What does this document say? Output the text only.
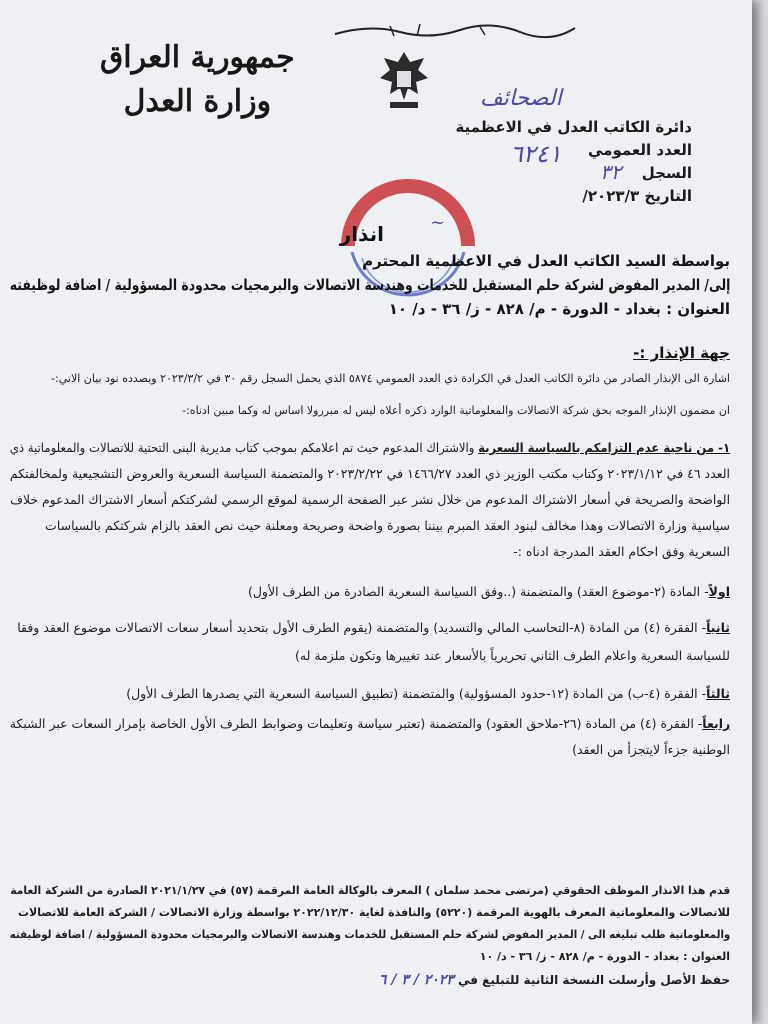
جمهورية العراق
وزارة العدل
دائرة الكاتب العدل في الاعظمية
العدد العمومي
السجل
التاريخ ٢٠٢٣/٣/
الصحائف
٦٢٤١
٣٢
انذار	~
بواسطة السيد الكاتب العدل في الاعظمية المحترم
إلى/ المدير المفوض لشركة حلم المستقبل للخدمات وهندسة الاتصالات والبرمجيات محدودة المسؤولية / اضافة لوظيفته
العنوان : بغداد - الدورة - م/ ٨٢٨ - ز/ ٣٦ - د/ ١٠
جهة الإنذار :-
اشارة الى الإنذار الصادر من دائرة الكاتب العدل في الكرادة ذي العدد العمومي ٥٨٧٤ الذي يحمل السجل رقم ٣٠ في ٢٠٢٣/٣/٢ وبصدده نود بيان الاتي:-
ان مضمون الإنذار الموجه بحق شركة الاتصالات والمعلوماتية الوارد ذكره أعلاه ليس له مبررولا اساس له وكما مبين ادناه:-
١- من ناحية عدم التزامكم بالسياسة السعرية والاشتراك المدعوم حيث تم اعلامكم بموجب كتاب مديرية البنى التحتية للاتصالات والمعلوماتية ذي
العدد ٤٦ في ٢٠٢٣/١/١٢ وكتاب مكتب الوزير ذي العدد ١٤٦٦/٢٧ في ٢٠٢٣/٢/٢٢ والمتضمنة السياسة السعرية والعروض التشجيعية ولمخالفتكم
الواضحة والصريحة في أسعار الاشتراك المدعوم من خلال نشر عبر الصفحة الرسمية لموقع الرسمي لشركتكم أسعار الاشتراك المدعوم خلاف
سياسية وزارة الاتصالات وهذا مخالف لبنود العقد المبرم بيننا بصورة واضحة وصريحة ومعلنة حيث نص العقد بالزام شركتكم بالسياسات
السعرية وفق احكام العقد المدرجة ادناه :-
اولاً- المادة (٢-موضوع العقد) والمتضمنة (..وفق السياسة السعرية الصادرة من الطرف الأول)
ثانياً- الفقرة (٤) من المادة (٨-التحاسب المالي والتسديد) والمتضمنة (يقوم الطرف الأول بتحديد أسعار سعات الاتصالات موضوع العقد وفقا
للسياسة السعرية واعلام الطرف الثاني تحريرياً بالأسعار عند تغييرها وتكون ملزمة له)
ثالثاً- الفقرة (٤-ب) من المادة (١٢-حدود المسؤولية) والمتضمنة (تطبيق السياسة السعرية التي يصدرها الطرف الأول)
رابعاً- الفقرة (٤) من المادة (٢٦-ملاحق العقود) والمتضمنة (تعتبر سياسة وتعليمات وضوابط الطرف الأول الخاصة بإمرار السعات عبر الشبكة
الوطنية جزءاً لايتجزأ من العقد)
قدم هذا الانذار الموظف الحقوقي (مرتضى محمد سلمان ) المعرف بالوكالة العامة المرقمة (٥٧) في ٢٠٢١/١/٢٧ الصادرة من الشركة العامة
للاتصالات والمعلوماتية المعرف بالهوية المرقمة (٥٢٢٠) والنافذة لغاية ٢٠٢٢/١٢/٣٠ بواسطة وزارة الاتصالات / الشركة العامة للاتصالات
والمعلوماتية طلب تبليغه الى / المدير المفوض لشركة حلم المستقبل للخدمات وهندسة الاتصالات والبرمجيات محدودة المسؤولية / اضافة لوظيفته
العنوان : بغداد - الدورة - م/ ٨٢٨ - ز/ ٣٦ - د/ ١٠
حفظ الأصل وأرسلت النسخة الثانية للتبليغ في ٢٠٢٣ / ٣ / ٦
